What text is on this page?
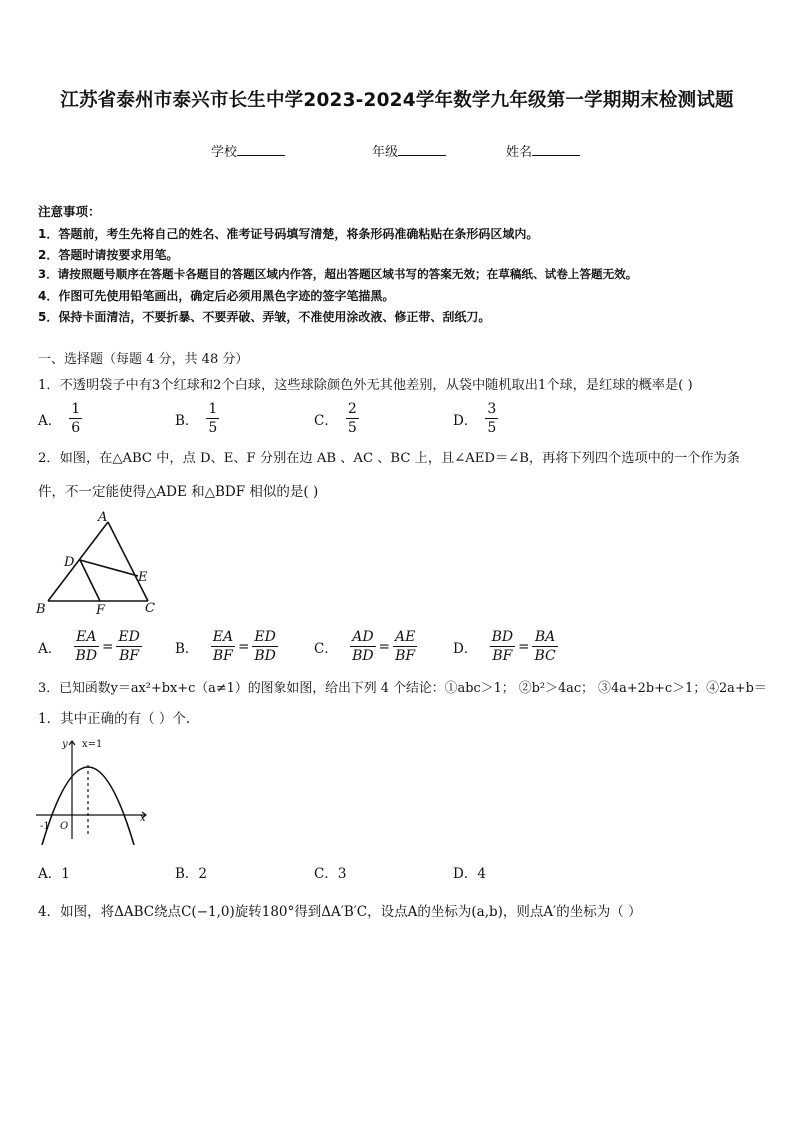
江苏省泰州市泰兴市长生中学2023-2024学年数学九年级第一学期期末检测试题
学校	年级	姓名
注意事项：
1．答题前，考生先将自己的姓名、准考证号码填写清楚，将条形码准确粘贴在条形码区域内。
2．答题时请按要求用笔。
3．请按照题号顺序在答题卡各题目的答题区域内作答，超出答题区域书写的答案无效；在草稿纸、试卷上答题无效。
4．作图可先使用铅笔画出，确定后必须用黑色字迹的签字笔描黑。
5．保持卡面清洁，不要折暴、不要弄破、弄皱，不准使用涂改液、修正带、刮纸刀。
一、选择题（每题 4 分，共 48 分）
1．不透明袋子中有3个红球和2个白球，这些球除颜色外无其他差别，从袋中随机取出1个球，是红球的概率是( )
A． $\frac{1}{6}$	B． $\frac{1}{5}$	C． $\frac{2}{5}$	D． $\frac{3}{5}$
2．如图，在△ABC 中，点 D、E、F 分别在边 AB 、AC 、BC 上，且∠AED＝∠B，再将下列四个选项中的一个作为条
件，不一定能使得△ADE 和△BDF 相似的是( )
A
B	C
D
E
F
A． $\frac{EA}{BD} = \frac{ED}{BF}$ B． $\frac{EA}{BF} = \frac{ED}{BD}$	C． $\frac{AD}{BD} = \frac{AE}{BF}$	D． $\frac{BD}{BF} = \frac{BA}{BC}$
3．已知函数y＝ax²+bx+c（a≠1）的图象如图，给出下列 4 个结论：①abc＞1； ②b²＞4ac； ③4a+2b+c＞1；④2a+b＝
1．其中正确的有（ ）个.
y
x
x=1
-1 O
A．1	B．2	C．3	D．4
4．如图，将ΔABC绕点C(−1,0)旋转180°得到ΔA′B′C，设点A的坐标为(a,b)，则点A′的坐标为（ ）
